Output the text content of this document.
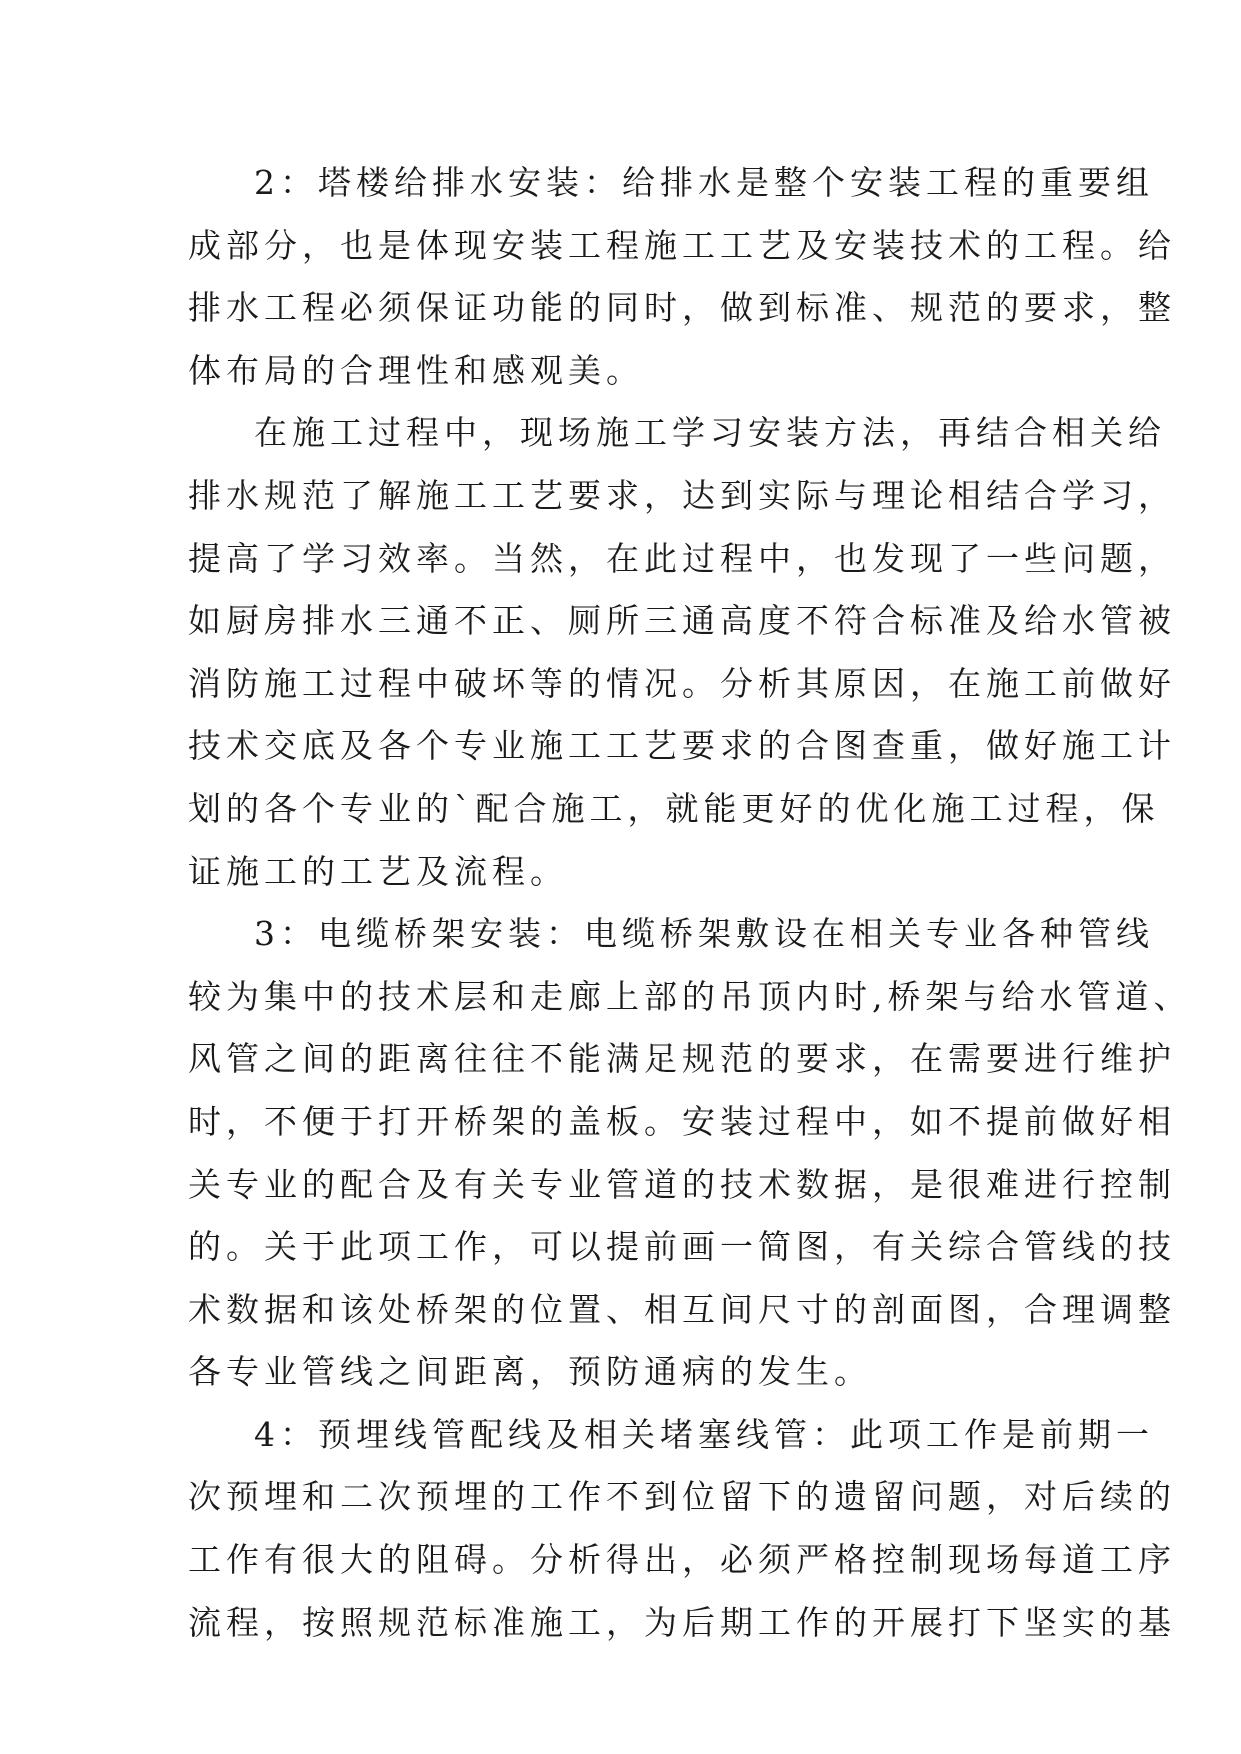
2：塔楼给排水安装：给排水是整个安装工程的重要组
成部分，也是体现安装工程施工工艺及安装技术的工程。给
排水工程必须保证功能的同时，做到标准、规范的要求，整
体布局的合理性和感观美。
在施工过程中，现场施工学习安装方法，再结合相关给
排水规范了解施工工艺要求，达到实际与理论相结合学习，
提高了学习效率。当然，在此过程中，也发现了一些问题，
如厨房排水三通不正、厕所三通高度不符合标准及给水管被
消防施工过程中破坏等的情况。分析其原因，在施工前做好
技术交底及各个专业施工工艺要求的合图查重，做好施工计
划的各个专业的`配合施工，就能更好的优化施工过程，保
证施工的工艺及流程。
3：电缆桥架安装：电缆桥架敷设在相关专业各种管线
较为集中的技术层和走廊上部的吊顶内时,桥架与给水管道、
风管之间的距离往往不能满足规范的要求，在需要进行维护
时，不便于打开桥架的盖板。安装过程中，如不提前做好相
关专业的配合及有关专业管道的技术数据，是很难进行控制
的。关于此项工作，可以提前画一简图，有关综合管线的技
术数据和该处桥架的位置、相互间尺寸的剖面图，合理调整
各专业管线之间距离，预防通病的发生。
4：预埋线管配线及相关堵塞线管：此项工作是前期一
次预埋和二次预埋的工作不到位留下的遗留问题，对后续的
工作有很大的阻碍。分析得出，必须严格控制现场每道工序
流程，按照规范标准施工，为后期工作的开展打下坚实的基
